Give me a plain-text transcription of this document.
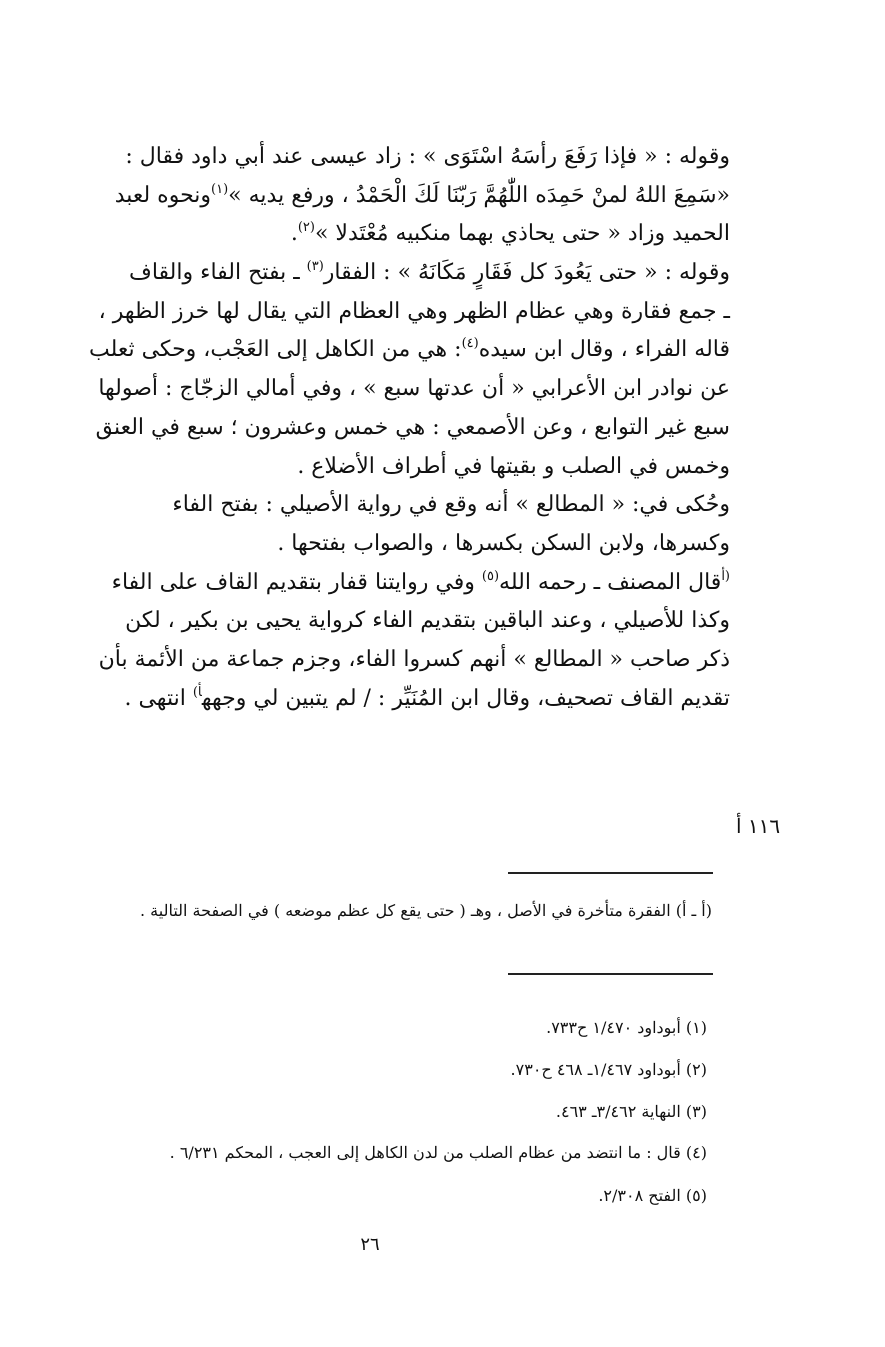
وقوله : « فإذا رَفَعَ رأسَهُ اسْتَوَى » : زاد عيسى عند أبي داود فقال :
«سَمِعَ اللهُ لمنْ حَمِدَه اللّٰهُمَّ رَبّنَا لَكَ الْحَمْدُ ، ورفع يديه »$^{(١)}$ونحوه لعبد
الحميد وزاد « حتى يحاذي بهما منكبيه مُعْتَدلا »$^{(٢)}$.
وقوله : « حتى يَعُودَ كل فَقَارٍ مَكَانَهُ » : الفقار$^{(٣)}$ ـ بفتح الفاء والقاف
ـ جمع فقارة وهي عظام الظهر وهي العظام التي يقال لها خرز الظهر ،
قاله الفراء ، وقال ابن سيده$^{(٤)}$: هي من الكاهل إلى العَجْب، وحكى ثعلب
عن نوادر ابن الأعرابي « أن عدتها سبع » ، وفي أمالي الزجّاج : أصولها
سبع غير التوابع ، وعن الأصمعي : هي خمس وعشرون ؛ سبع في العنق
وخمس في الصلب و بقيتها في أطراف الأضلاع .
وحُكى في: « المطالع » أنه وقع في رواية الأصيلي : بفتح الفاء
وكسرها، ولابن السكن بكسرها ، والصواب بفتحها .
$^{(أ}$قال المصنف ـ رحمه الله$^{(٥)}$ وفي روايتنا قفار بتقديم القاف على الفاء
وكذا للأصيلي ، وعند الباقين بتقديم الفاء كرواية يحيى بن بكير ، لكن
ذكر صاحب « المطالع » أنهم كسروا الفاء، وجزم جماعة من الأئمة بأن
تقديم القاف تصحيف، وقال ابن المُنَيِّر : / لم يتبين لي وجهه$^{أ)}$ انتهى .
١١٦ أ
(أ ـ أ) الفقرة متأخرة في الأصل ، وهـ ( حتى يقع كل عظم موضعه ) في الصفحة التالية .
(١) أبوداود ١/٤٧٠ ح٧٣٣.
(٢) أبوداود ١/٤٦٧ـ ٤٦٨ ح٧٣٠.
(٣) النهاية ٣/٤٦٢ـ ٤٦٣.
(٤) قال : ما انتضد من عظام الصلب من لدن الكاهل إلى العجب ، المحكم ٦/٢٣١ .
(٥) الفتح ٢/٣٠٨.
٢٦
